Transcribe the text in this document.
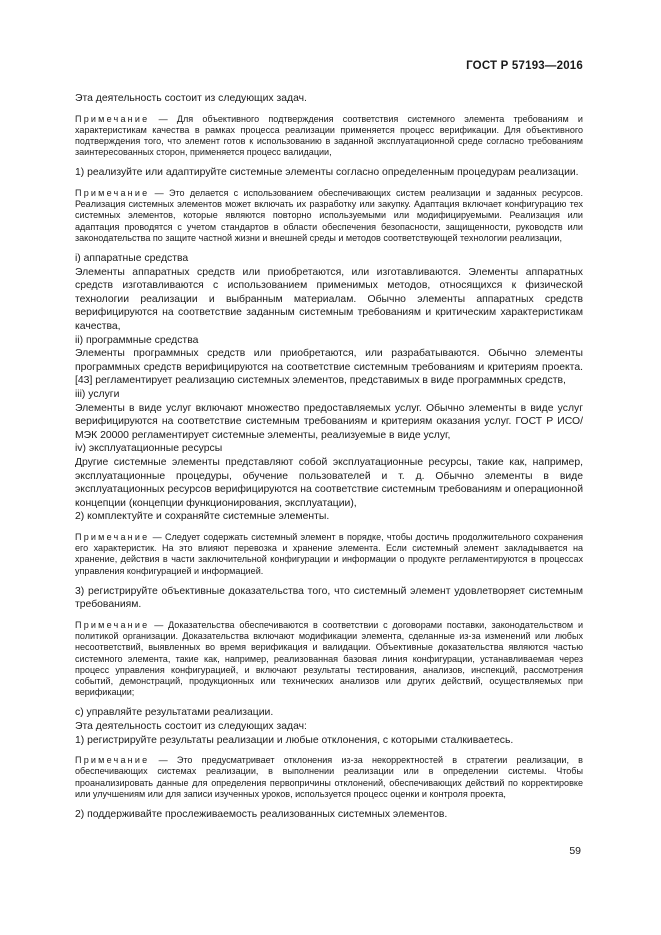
ГОСТ Р 57193—2016

Эта деятельность состоит из следующих задач.

Примечание — Для объективного подтверждения соответствия системного элемента требованиям и характеристикам качества в рамках процесса реализации применяется процесс верификации. Для объективного подтверждения того, что элемент готов к использованию в заданной эксплуатационной среде согласно требованиям заинтересованных сторон, применяется процесс валидации,

1) реализуйте или адаптируйте системные элементы согласно определенным процедурам реализации.

Примечание — Это делается с использованием обеспечивающих систем реализации и заданных ресурсов. Реализация системных элементов может включать их разработку или закупку. Адаптация включает конфигурацию тех системных элементов, которые являются повторно используемыми или модифицируемыми. Реализация или адаптация проводятся с учетом стандартов в области обеспечения безопасности, защищенности, руководств или законодательства по защите частной жизни и внешней среды и методов соответствующей технологии реализации,

i) аппаратные средства

Элементы аппаратных средств или приобретаются, или изготавливаются. Элементы аппаратных средств изготавливаются с использованием применимых методов, относящихся к физической технологии реализации и выбранным материалам. Обычно элементы аппаратных средств верифицируются на соответствие заданным системным требованиям и критическим характеристикам качества,

ii) программные средства

Элементы программных средств или приобретаются, или разрабатываются. Обычно элементы программных средств верифицируются на соответствие системным требованиям и критериям проекта. [43] регламентирует реализацию системных элементов, представимых в виде программных средств,

iii) услуги

Элементы в виде услуг включают множество предоставляемых услуг. Обычно элементы в виде услуг верифицируются на соответствие системным требованиям и критериям оказания услуг. ГОСТ Р ИСО/МЭК 20000 регламентирует системные элементы, реализуемые в виде услуг,

iv) эксплуатационные ресурсы

Другие системные элементы представляют собой эксплуатационные ресурсы, такие как, например, эксплуатационные процедуры, обучение пользователей и т. д. Обычно элементы в виде эксплуатационных ресурсов верифицируются на соответствие системным требованиям и операционной концепции (концепции функционирования, эксплуатации),

2) комплектуйте и сохраняйте системные элементы.

Примечание — Следует содержать системный элемент в порядке, чтобы достичь продолжительного сохранения его характеристик. На это влияют перевозка и хранение элемента. Если системный элемент закладывается на хранение, действия в части заключительной конфигурации и информации о продукте регламентируются в процессах управления конфигурацией и информацией.

3) регистрируйте объективные доказательства того, что системный элемент удовлетворяет системным требованиям.

Примечание — Доказательства обеспечиваются в соответствии с договорами поставки, законодательством и политикой организации. Доказательства включают модификации элемента, сделанные из-за изменений или любых несоответствий, выявленных во время верификация и валидации. Объективные доказательства являются частью системного элемента, такие как, например, реализованная базовая линия конфигурации, устанавливаемая через процесс управления конфигурацией, и включают результаты тестирования, анализов, инспекций, рассмотрения событий, демонстраций, продукционных или технических анализов или других действий, осуществляемых при верификации;

c) управляйте результатами реализации.

Эта деятельность состоит из следующих задач:

1) регистрируйте результаты реализации и любые отклонения, с которыми сталкиваетесь.

Примечание — Это предусматривает отклонения из-за некорректностей в стратегии реализации, в обеспечивающих системах реализации, в выполнении реализации или в определении системы. Чтобы проанализировать данные для определения первопричины отклонений, обеспечивающих действий по корректировке или улучшениям или для записи изученных уроков, используется процесс оценки и контроля проекта,

2) поддерживайте прослеживаемость реализованных системных элементов.

59
